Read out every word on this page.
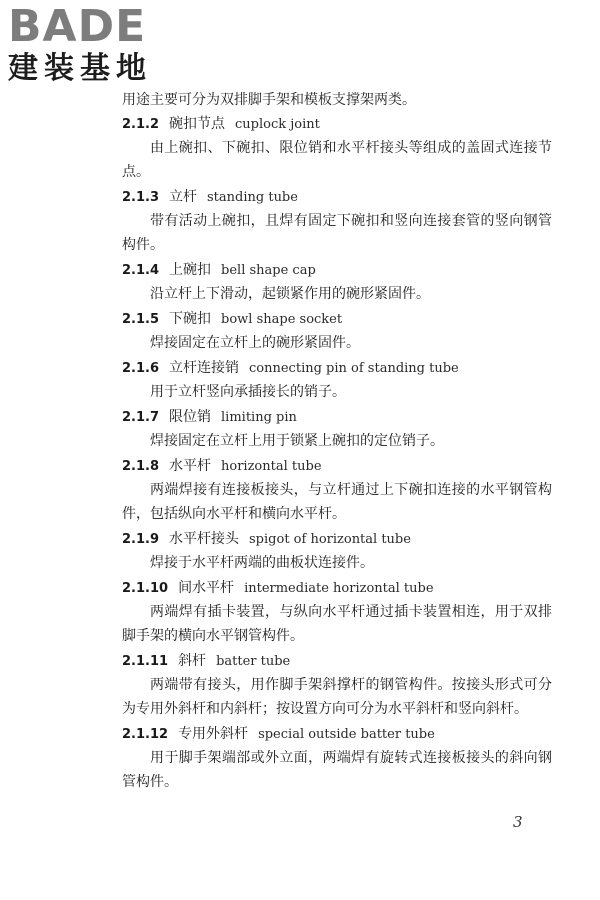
BADE
建装基地

用途主要可分为双排脚手架和模板支撑架两类。

2.1.2 碗扣节点 cuplock joint

由上碗扣、下碗扣、限位销和水平杆接头等组成的盖固式连接节点。

2.1.3 立杆 standing tube

带有活动上碗扣，且焊有固定下碗扣和竖向连接套管的竖向钢管构件。

2.1.4 上碗扣 bell shape cap

沿立杆上下滑动，起锁紧作用的碗形紧固件。

2.1.5 下碗扣 bowl shape socket

焊接固定在立杆上的碗形紧固件。

2.1.6 立杆连接销 connecting pin of standing tube

用于立杆竖向承插接长的销子。

2.1.7 限位销 limiting pin

焊接固定在立杆上用于锁紧上碗扣的定位销子。

2.1.8 水平杆 horizontal tube

两端焊接有连接板接头，与立杆通过上下碗扣连接的水平钢管构件，包括纵向水平杆和横向水平杆。

2.1.9 水平杆接头 spigot of horizontal tube

焊接于水平杆两端的曲板状连接件。

2.1.10 间水平杆 intermediate horizontal tube

两端焊有插卡装置，与纵向水平杆通过插卡装置相连，用于双排脚手架的横向水平钢管构件。

2.1.11 斜杆 batter tube

两端带有接头，用作脚手架斜撑杆的钢管构件。按接头形式可分为专用外斜杆和内斜杆；按设置方向可分为水平斜杆和竖向斜杆。

2.1.12 专用外斜杆 special outside batter tube

用于脚手架端部或外立面，两端焊有旋转式连接板接头的斜向钢管构件。

3
